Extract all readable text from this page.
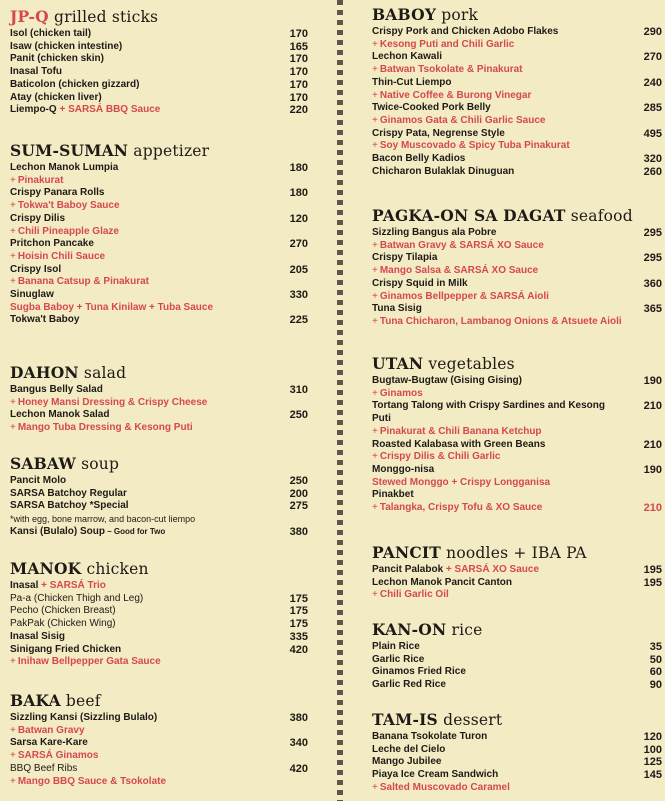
JP-Q grilled sticks
Isol (chicken tail)	170
Isaw (chicken intestine)	165
Panit (chicken skin)	170
Inasal Tofu	170
Baticolon (chicken gizzard)	170
Atay (chicken liver)	170
Liempo-Q + SARSÁ BBQ Sauce	220
SUM-SUMAN appetizer
Lechon Manok Lumpia	180
+ Pinakurat
Crispy Panara Rolls	180
+ Tokwa't Baboy Sauce
Crispy Dilis	120
+ Chili Pineapple Glaze
Pritchon Pancake	270
+ Hoisin Chili Sauce
Crispy Isol	205
+ Banana Catsup & Pinakurat
Sinuglaw	330
Sugba Baboy + Tuna Kinilaw + Tuba Sauce
Tokwa't Baboy	225
DAHON salad
Bangus Belly Salad	310
+ Honey Mansi Dressing & Crispy Cheese
Lechon Manok Salad	250
+ Mango Tuba Dressing & Kesong Puti
SABAW soup
Pancit Molo	250
SARSA Batchoy Regular	200
SARSA Batchoy *Special	275
*with egg, bone marrow, and bacon-cut liempo
Kansi (Bulalo) Soup – Good for Two	380
MANOK chicken
Inasal + SARSÁ Trio
Pa-a (Chicken Thigh and Leg)	175
Pecho (Chicken Breast)	175
PakPak (Chicken Wing)	175
Inasal Sisig	335
Sinigang Fried Chicken	420
+ Inihaw Bellpepper Gata Sauce
BAKA beef
Sizzling Kansi (Sizzling Bulalo)	380
+ Batwan Gravy
Sarsa Kare-Kare	340
+ SARSÁ Ginamos
BBQ Beef Ribs	420
+ Mango BBQ Sauce & Tsokolate
BABOY pork
Crispy Pork and Chicken Adobo Flakes	290
+ Kesong Puti and Chili Garlic
Lechon Kawali	270
+ Batwan Tsokolate & Pinakurat
Thin-Cut Liempo	240
+ Native Coffee & Burong Vinegar
Twice-Cooked Pork Belly	285
+ Ginamos Gata & Chili Garlic Sauce
Crispy Pata, Negrense Style	495
+ Soy Muscovado & Spicy Tuba Pinakurat
Bacon Belly Kadios	320
Chicharon Bulaklak Dinuguan	260
PAGKA-ON SA DAGAT seafood
Sizzling Bangus ala Pobre	295
+ Batwan Gravy & SARSÁ XO Sauce
Crispy Tilapia	295
+ Mango Salsa & SARSÁ XO Sauce
Crispy Squid in Milk	360
+ Ginamos Bellpepper & SARSÁ Aioli
Tuna Sisig	365
+ Tuna Chicharon, Lambanog Onions & Atsuete Aioli
UTAN vegetables
Bugtaw-Bugtaw (Gising Gising)	190
+ Ginamos
Tortang Talong with Crispy Sardines and Kesong Puti
210
+ Pinakurat & Chili Banana Ketchup
Roasted Kalabasa with Green Beans	210
+ Crispy Dilis & Chili Garlic
Monggo-nisa	190
Stewed Monggo + Crispy Longganisa
Pinakbet
+ Talangka, Crispy Tofu & XO Sauce	210
PANCIT noodles + IBA PA
Pancit Palabok + SARSÁ XO Sauce	195
Lechon Manok Pancit Canton	195
+ Chili Garlic Oil
KAN-ON rice
Plain Rice	35
Garlic Rice	50
Ginamos Fried Rice	60
Garlic Red Rice	90
TAM-IS dessert
Banana Tsokolate Turon	120
Leche del Cielo	100
Mango Jubilee	125
Piaya Ice Cream Sandwich	145
+ Salted Muscovado Caramel
